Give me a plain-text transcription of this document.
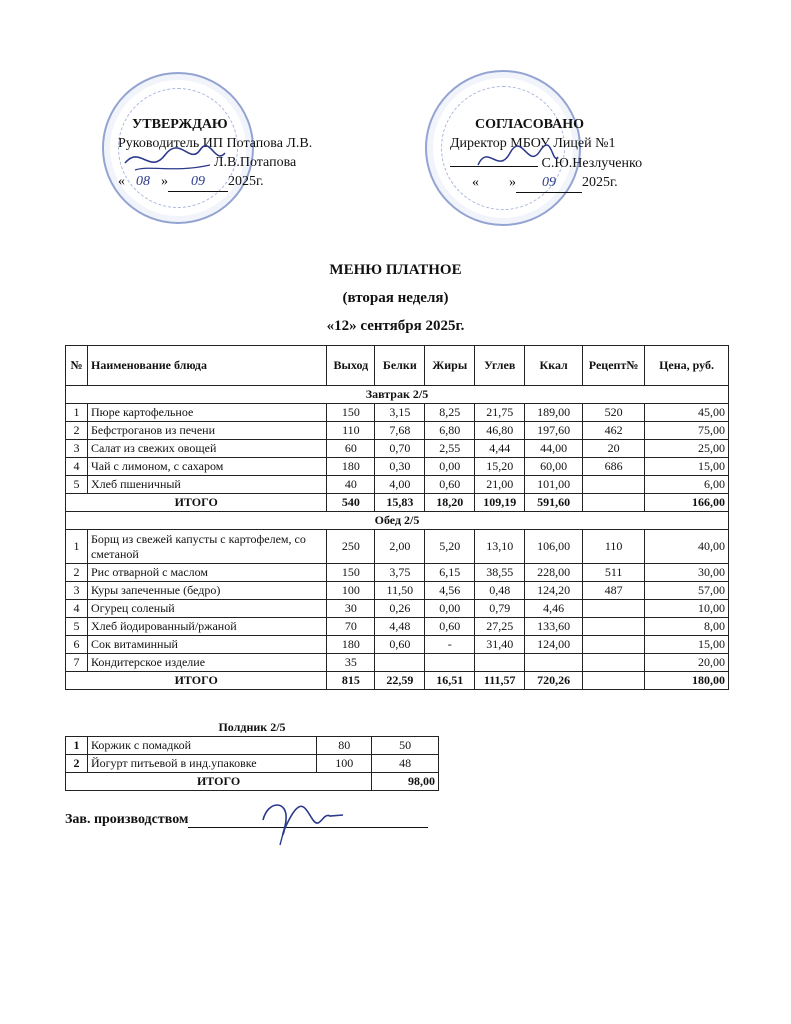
УТВЕРЖДАЮ
Руководитель ИП Потапова Л.В.
Л.В.Потапова
« 08 » 09 2025г.
СОГЛАСОВАНО
Директор МБОУ Лицей №1
С.Ю.Незлученко
« » 09 2025г.
МЕНЮ ПЛАТНОЕ
(вторая неделя)
«12» сентября 2025г.
№	Наименование блюда	Выход	Белки	Жиры	Углев	Ккал	Рецепт№	Цена, руб.
Завтрак 2/5								
1	Пюре картофельное	150	3,15	8,25	21,75	189,00	520	45,00
2	Бефстроганов из печени	110	7,68	6,80	46,80	197,60	462	75,00
3	Салат из свежих овощей	60	0,70	2,55	4,44	44,00	20	25,00
4	Чай с лимоном, с сахаром	180	0,30	0,00	15,20	60,00	686	15,00
5	Хлеб пшеничный	40	4,00	0,60	21,00	101,00		6,00
ИТОГО		540	15,83	18,20	109,19	591,60		166,00
Обед 2/5								
1	Борщ из свежей капусты с картофелем, со сметаной	250	2,00	5,20	13,10	106,00	110	40,00
2	Рис отварной с маслом	150	3,75	6,15	38,55	228,00	511	30,00
3	Куры запеченные (бедро)	100	11,50	4,56	0,48	124,20	487	57,00
4	Огурец соленый	30	0,26	0,00	0,79	4,46		10,00
5	Хлеб йодированный/ржаной	70	4,48	0,60	27,25	133,60		8,00
6	Сок витаминный	180	0,60	-	31,40	124,00		15,00
7	Кондитерское изделие	35						20,00
ИТОГО		815	22,59	16,51	111,57	720,26		180,00
Полдник 2/5			
1	Коржик с помадкой	80	50
2	Йогурт питьевой в инд.упаковке	100	48
ИТОГО			98,00
Зав. производством
